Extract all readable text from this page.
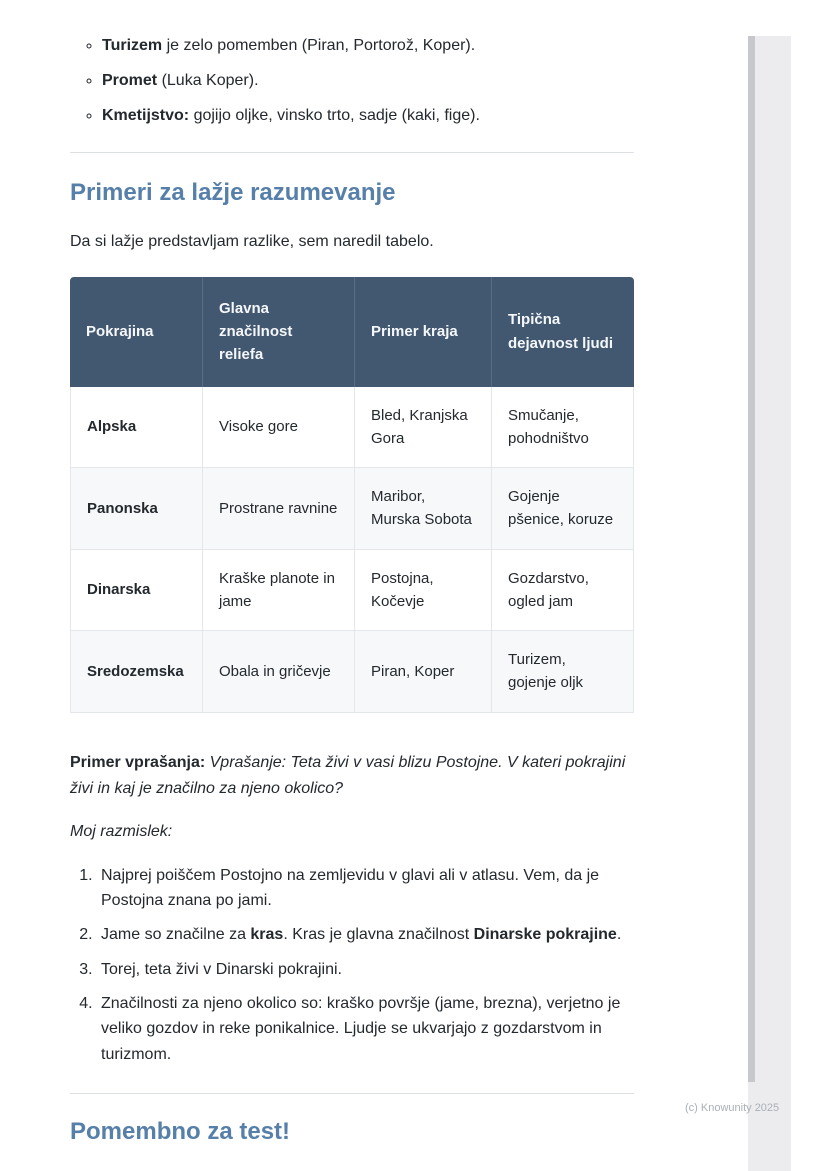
◦ Turizem je zelo pomemben (Piran, Portorož, Koper).
◦ Promet (Luka Koper).
◦ Kmetijstvo: gojijo oljke, vinsko trto, sadje (kaki, fige).
Primeri za lažje razumevanje

Da si lažje predstavljam razlike, sem naredil tabelo.

Pokrajina	Glavna značilnost reliefa	Primer kraja	Tipična dejavnost ljudi
Alpska	Visoke gore	Bled, Kranjska Gora	Smučanje, pohodništvo
Panonska	Prostrane ravnine	Maribor, Murska Sobota	Gojenje pšenice, koruze
Dinarska	Kraške planote in jame	Postojna, Kočevje	Gozdarstvo, ogled jam
Sredozemska	Obala in gričevje	Piran, Koper	Turizem, gojenje oljk

Primer vprašanja: Vprašanje: Teta živi v vasi blizu Postojne. V kateri pokrajini živi in kaj je značilno za njeno okolico?

Moj razmislek:

1. Najprej poiščem Postojno na zemljevidu v glavi ali v atlasu. Vem, da je Postojna znana po jami.
2. Jame so značilne za kras. Kras je glavna značilnost Dinarske pokrajine.
3. Torej, teta živi v Dinarski pokrajini.
4. Značilnosti za njeno okolico so: kraško površje (jame, brezna), verjetno je veliko gozdov in reke ponikalnice. Ljudje se ukvarjajo z gozdarstvom in turizmom.
Pomembno za test!
(c) Knowunity 2025
